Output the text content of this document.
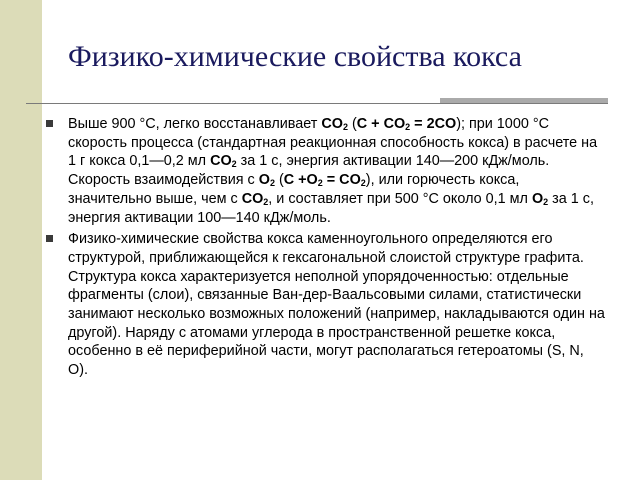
Физико-химические свойства кокса
Выше 900 °С, легко восстанавливает $CO_2$ $(C + CO_2 = 2CO)$; при 1000 °С скорость процесса (стандартная реакционная способность кокса) в расчете на 1 г кокса 0,1—0,2 мл $CO_2$ за 1 с, энергия активации 140—200 кДж/моль. Скорость взаимодействия с $O_2$ $(C +O_2 = CO_2)$, или горючесть кокса, значительно выше, чем с $CO_2$, и составляет при 500 °С около 0,1 мл $O_2$ за 1 с, энергия активации 100—140 кДж/моль.
Физико-химические свойства кокса каменноугольного определяются его структурой, приближающейся к гексагональной слоистой структуре графита. Структура кокса характеризуется неполной упорядоченностью: отдельные фрагменты (слои), связанные Ван-дер-Ваальсовыми силами, статистически занимают несколько возможных положений (например, накладываются один на другой). Наряду с атомами углерода в пространственной решетке кокса, особенно в её периферийной части, могут располагаться гетероатомы (S, N, O).
